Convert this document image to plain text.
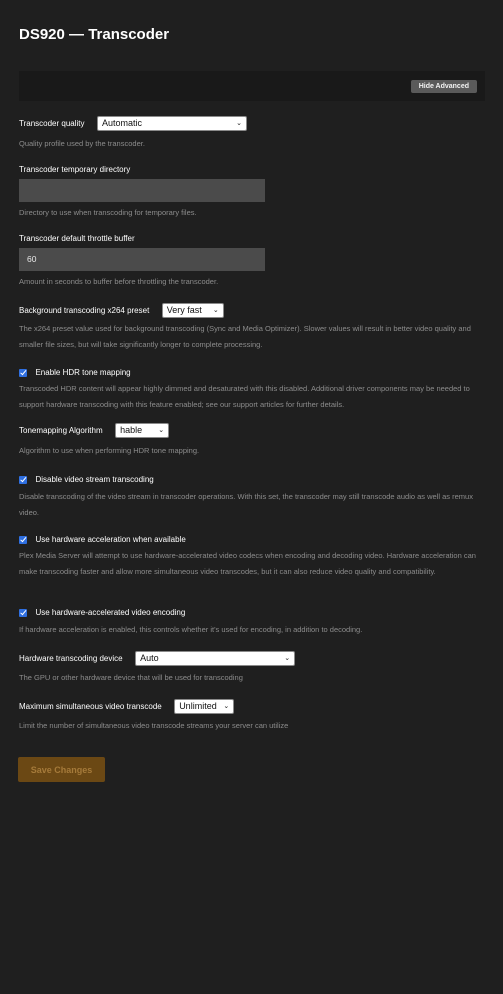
DS920 — Transcoder
Hide Advanced
Transcoder quality Automatic	⌄

Quality profile used by the transcoder.

Transcoder temporary directory

Directory to use when transcoding for temporary files.

Transcoder default throttle buffer
60

Amount in seconds to buffer before throttling the transcoder.

Background transcoding x264 preset Very fast ⌄

The x264 preset value used for background transcoding (Sync and Media Optimizer). Slower values will result in better video quality and smaller file sizes, but will take significantly longer to complete processing.

Enable HDR tone mapping

Transcoded HDR content will appear highly dimmed and desaturated with this disabled. Additional driver components may be needed to support hardware transcoding with this feature enabled; see our support articles for further details.

Tonemapping Algorithm hable ⌄

Algorithm to use when performing HDR tone mapping.

Disable video stream transcoding

Disable transcoding of the video stream in transcoder operations. With this set, the transcoder may still transcode audio as well as remux video.

Use hardware acceleration when available

Plex Media Server will attempt to use hardware-accelerated video codecs when encoding and decoding video. Hardware acceleration can make transcoding faster and allow more simultaneous video transcodes, but it can also reduce video quality and compatibility.

Use hardware-accelerated video encoding

If hardware acceleration is enabled, this controls whether it's used for encoding, in addition to decoding.

Hardware transcoding device Auto	⌄

The GPU or other hardware device that will be used for transcoding

Maximum simultaneous video transcode Unlimited ⌄

Limit the number of simultaneous video transcode streams your server can utilize

Save Changes
